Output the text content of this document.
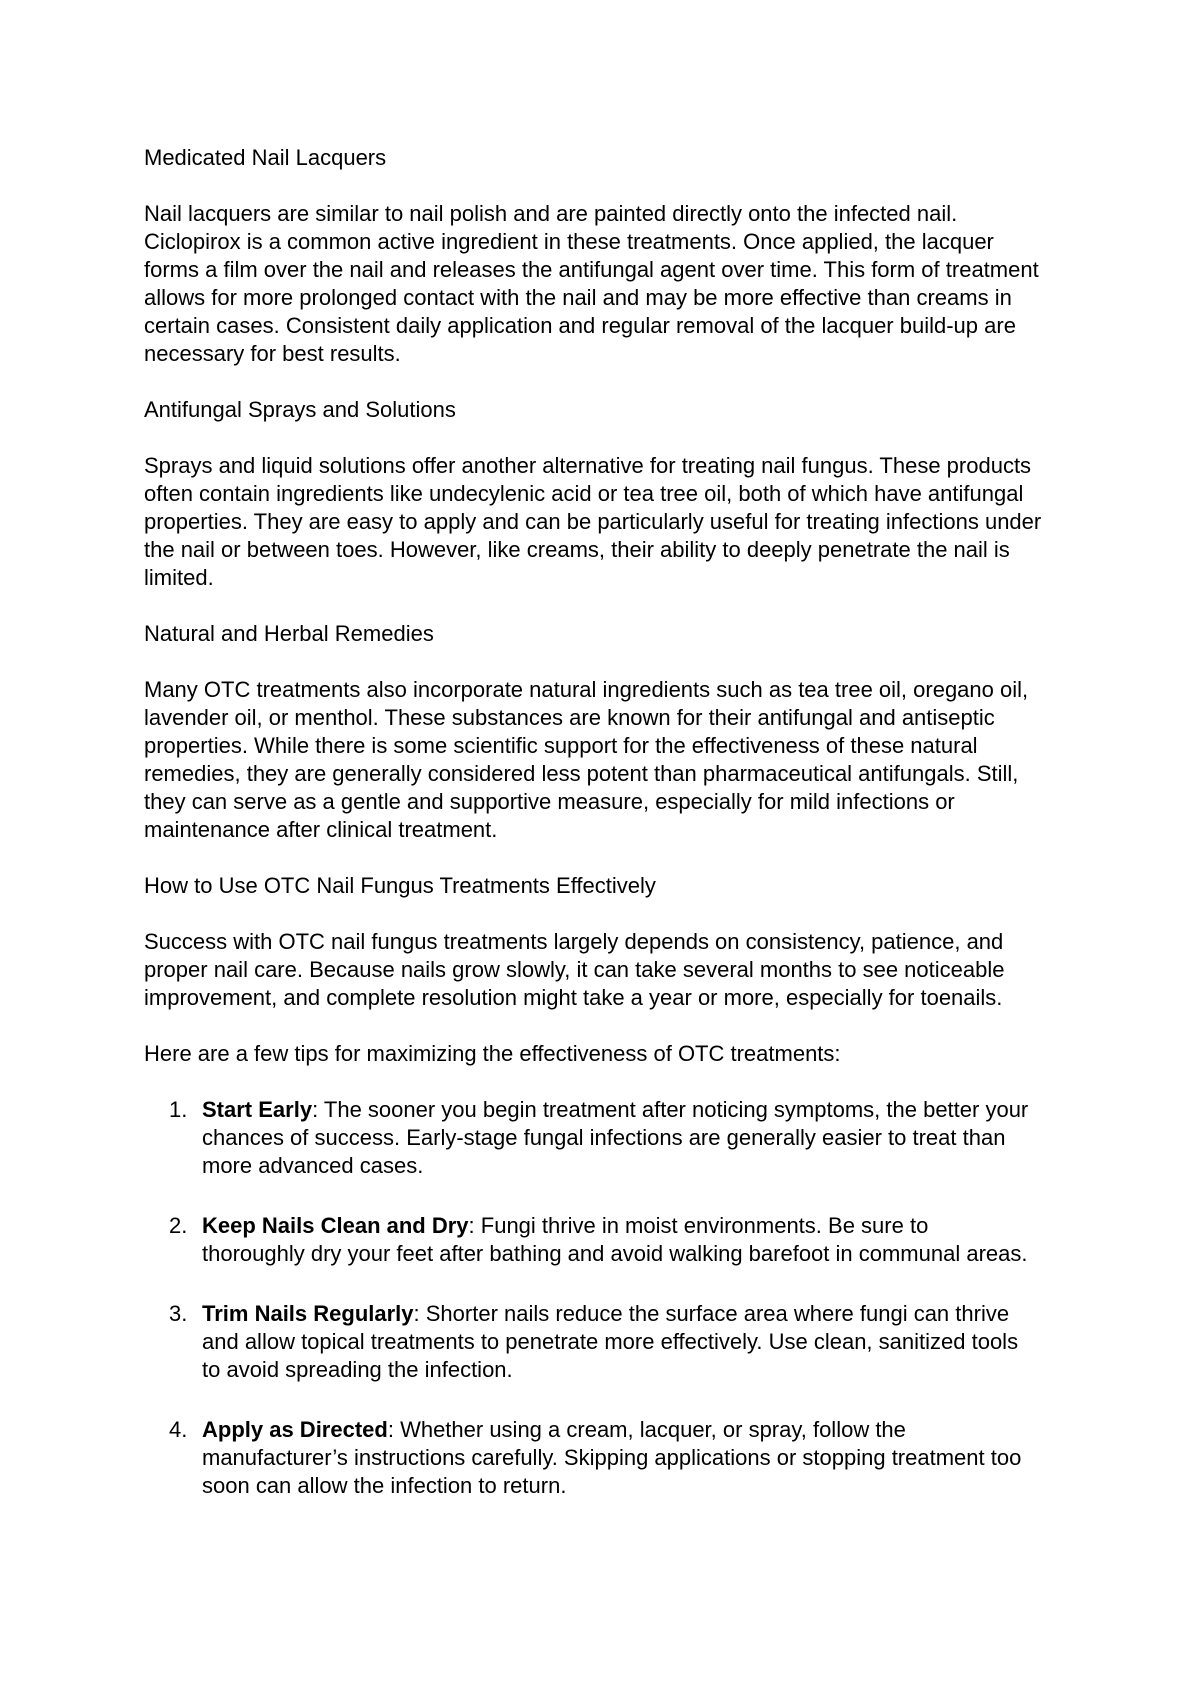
Medicated Nail Lacquers

Nail lacquers are similar to nail polish and are painted directly onto the infected nail. Ciclopirox is a common active ingredient in these treatments. Once applied, the lacquer forms a film over the nail and releases the antifungal agent over time. This form of treatment allows for more prolonged contact with the nail and may be more effective than creams in certain cases. Consistent daily application and regular removal of the lacquer build-up are necessary for best results.

Antifungal Sprays and Solutions

Sprays and liquid solutions offer another alternative for treating nail fungus. These products often contain ingredients like undecylenic acid or tea tree oil, both of which have antifungal properties. They are easy to apply and can be particularly useful for treating infections under the nail or between toes. However, like creams, their ability to deeply penetrate the nail is limited.

Natural and Herbal Remedies

Many OTC treatments also incorporate natural ingredients such as tea tree oil, oregano oil, lavender oil, or menthol. These substances are known for their antifungal and antiseptic properties. While there is some scientific support for the effectiveness of these natural remedies, they are generally considered less potent than pharmaceutical antifungals. Still, they can serve as a gentle and supportive measure, especially for mild infections or maintenance after clinical treatment.

How to Use OTC Nail Fungus Treatments Effectively

Success with OTC nail fungus treatments largely depends on consistency, patience, and proper nail care. Because nails grow slowly, it can take several months to see noticeable improvement, and complete resolution might take a year or more, especially for toenails.

Here are a few tips for maximizing the effectiveness of OTC treatments:

1. Start Early: The sooner you begin treatment after noticing symptoms, the better your chances of success. Early-stage fungal infections are generally easier to treat than more advanced cases.
2. Keep Nails Clean and Dry: Fungi thrive in moist environments. Be sure to thoroughly dry your feet after bathing and avoid walking barefoot in communal areas.
3. Trim Nails Regularly: Shorter nails reduce the surface area where fungi can thrive and allow topical treatments to penetrate more effectively. Use clean, sanitized tools to avoid spreading the infection.
4. Apply as Directed: Whether using a cream, lacquer, or spray, follow the manufacturer’s instructions carefully. Skipping applications or stopping treatment too soon can allow the infection to return.
